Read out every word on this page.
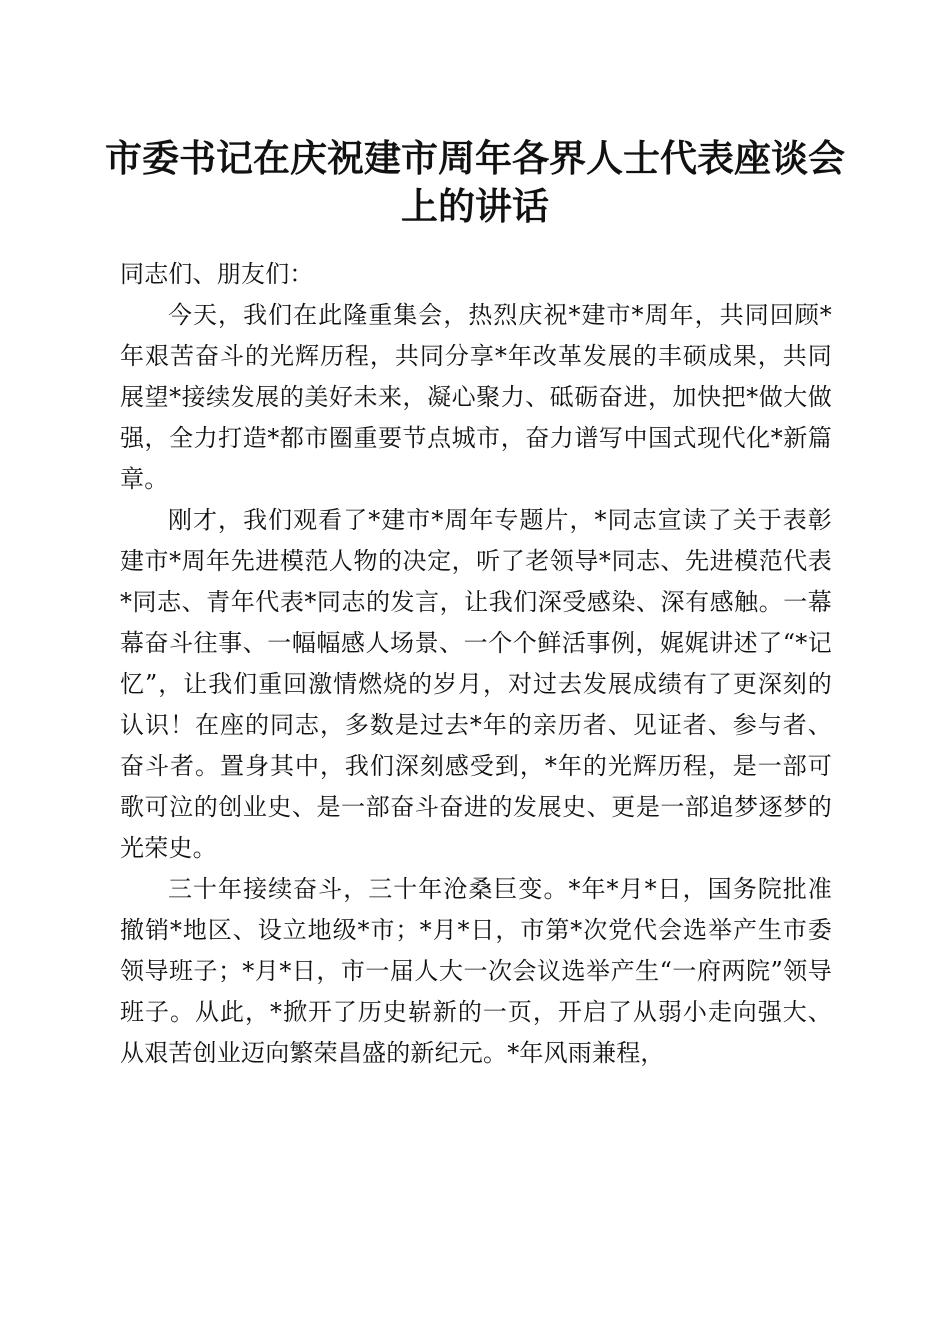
市委书记在庆祝建市周年各界人士代表座谈会上的讲话

同志们、朋友们：

今天，我们在此隆重集会，热烈庆祝*建市*周年，共同回顾*年艰苦奋斗的光辉历程，共同分享*年改革发展的丰硕成果，共同展望*接续发展的美好未来，凝心聚力、砥砺奋进，加快把*做大做强，全力打造*都市圈重要节点城市，奋力谱写中国式现代化*新篇章。

刚才，我们观看了*建市*周年专题片，*同志宣读了关于表彰建市*周年先进模范人物的决定，听了老领导*同志、先进模范代表*同志、青年代表*同志的发言，让我们深受感染、深有感触。一幕幕奋斗往事、一幅幅感人场景、一个个鲜活事例，娓娓讲述了“*记忆”，让我们重回激情燃烧的岁月，对过去发展成绩有了更深刻的认识！在座的同志，多数是过去*年的亲历者、见证者、参与者、奋斗者。置身其中，我们深刻感受到，*年的光辉历程，是一部可歌可泣的创业史、是一部奋斗奋进的发展史、更是一部追梦逐梦的光荣史。

三十年接续奋斗，三十年沧桑巨变。*年*月*日，国务院批准撤销*地区、设立地级*市；*月*日，市第*次党代会选举产生市委领导班子；*月*日，市一届人大一次会议选举产生“一府两院”领导班子。从此，*掀开了历史崭新的一页，开启了从弱小走向强大、从艰苦创业迈向繁荣昌盛的新纪元。*年风雨兼程，
